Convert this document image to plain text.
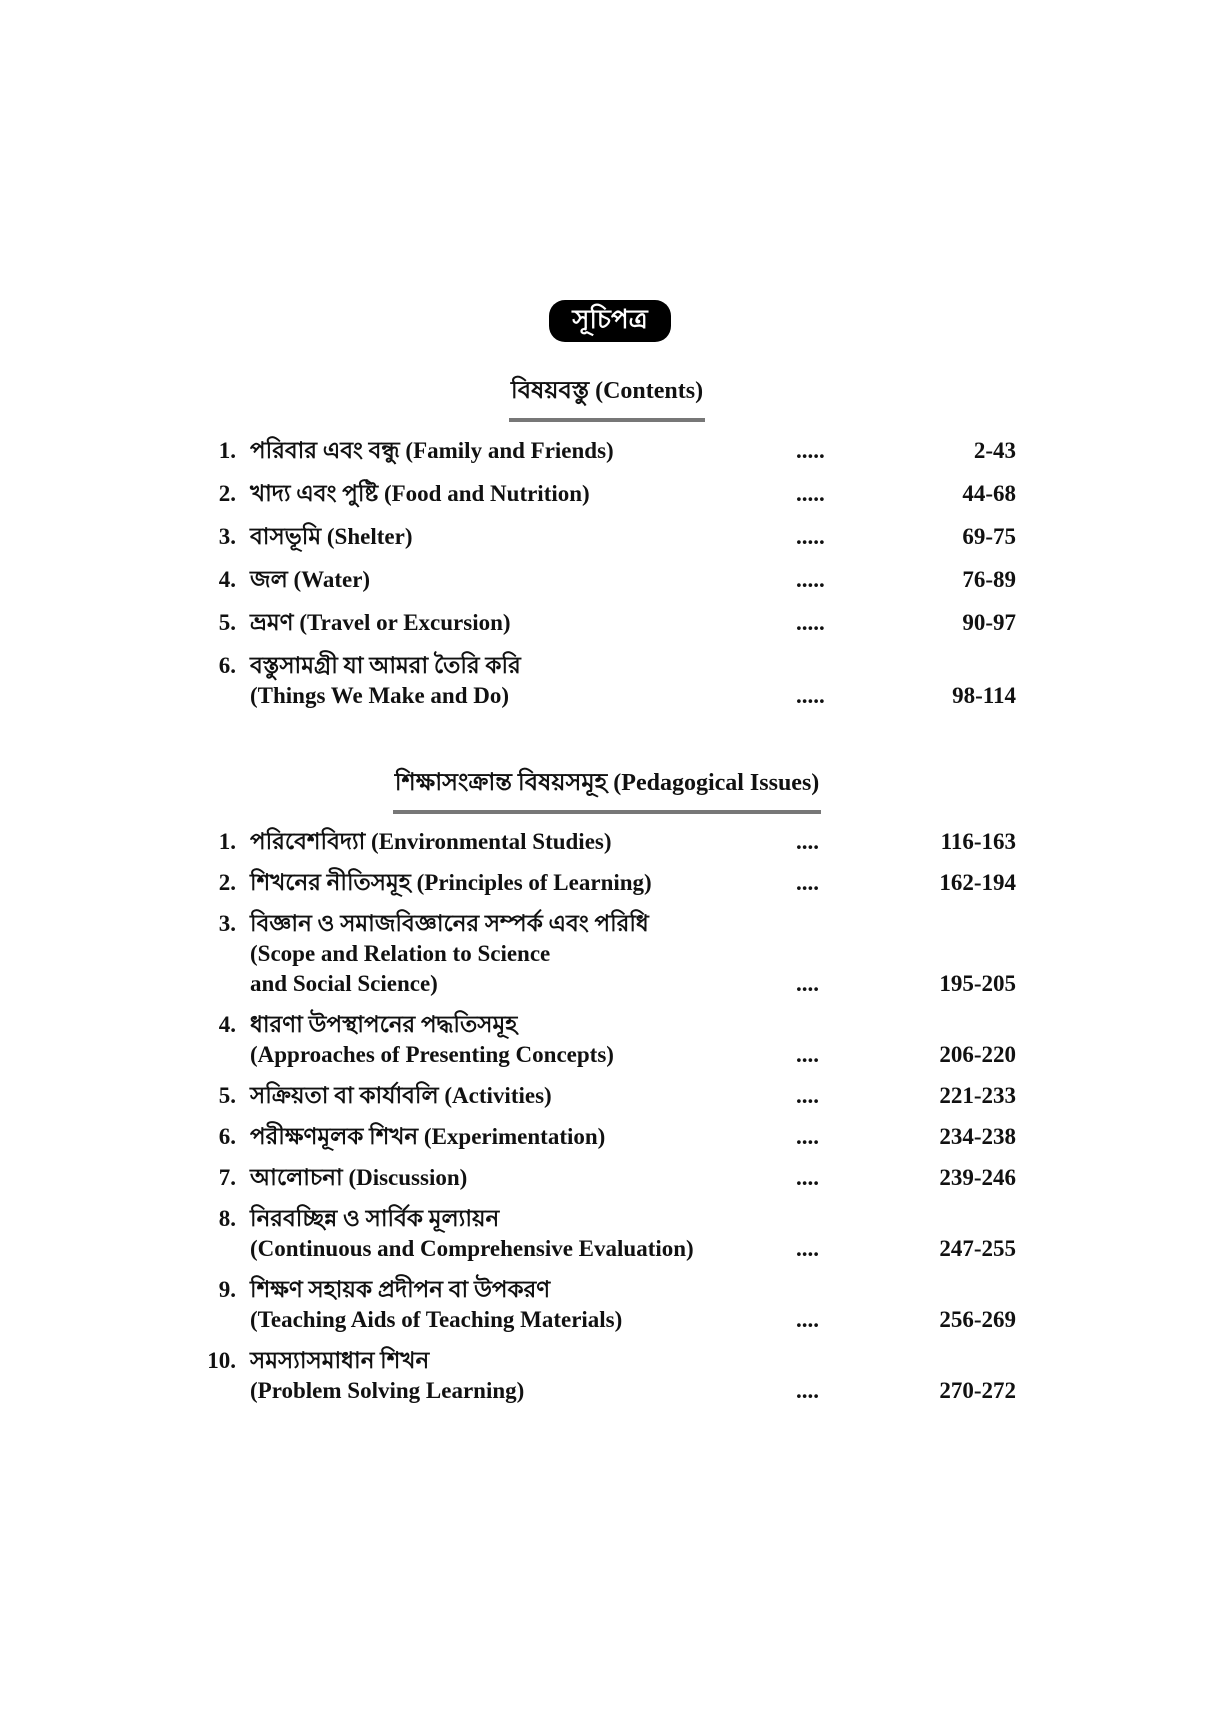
সূচিপত্র
বিষয়বস্তু (Contents)
1. পরিবার এবং বন্ধু (Family and Friends)	.....	2-43
2. খাদ্য এবং পুষ্টি (Food and Nutrition)	.....	44-68
3. বাসভূমি (Shelter)	.....	69-75
4. জল (Water)	.....	76-89
5. ভ্রমণ (Travel or Excursion)	.....	90-97
6. বস্তুসামগ্রী যা আমরা তৈরি করি
(Things We Make and Do)	.....	98-114
শিক্ষাসংক্রান্ত বিষয়সমূহ (Pedagogical Issues)
1. পরিবেশবিদ্যা (Environmental Studies)	....	116-163
2. শিখনের নীতিসমূহ (Principles of Learning)	....	162-194
3. বিজ্ঞান ও সমাজবিজ্ঞানের সম্পর্ক এবং পরিধি
(Scope and Relation to Science
and Social Science)	....	195-205
4. ধারণা উপস্থাপনের পদ্ধতিসমূহ
(Approaches of Presenting Concepts)	....	206-220
5. সক্রিয়তা বা কার্যাবলি (Activities)	....	221-233
6. পরীক্ষণমূলক শিখন (Experimentation)	....	234-238
7. আলোচনা (Discussion)	....	239-246
8. নিরবচ্ছিন্ন ও সার্বিক মূল্যায়ন
(Continuous and Comprehensive Evaluation)	....	247-255
9. শিক্ষণ সহায়ক প্রদীপন বা উপকরণ
(Teaching Aids of Teaching Materials)	....	256-269
10. সমস্যাসমাধান শিখন
(Problem Solving Learning)	....	270-272
